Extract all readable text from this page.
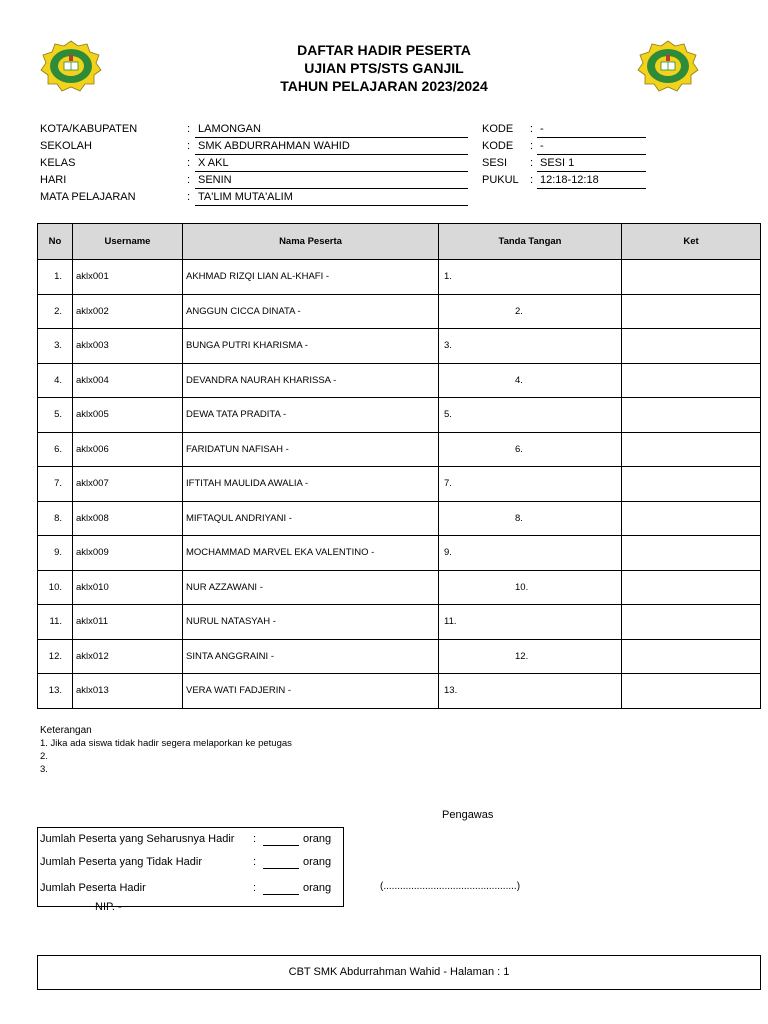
DAFTAR HADIR PESERTA
UJIAN PTS/STS GANJIL
TAHUN PELAJARAN 2023/2024
KOTA/KABUPATEN	: LAMONGAN
SEKOLAH	: SMK ABDURRAHMAN WAHID
KELAS	: X AKL
HARI	: SENIN
MATA PELAJARAN	: TA'LIM MUTA'ALIM
KODE : -
KODE : -
SESI : SESI 1
PUKUL : 12:18-12:18
No	Username	Nama Peserta	Tanda Tangan	Ket
1.	aklx001	AKHMAD RIZQI LIAN AL-KHAFI -	1.	
2.	aklx002	ANGGUN CICCA DINATA -	2.	
3.	aklx003	BUNGA PUTRI KHARISMA -	3.	
4.	aklx004	DEVANDRA NAURAH KHARISSA -	4.	
5.	aklx005	DEWA TATA PRADITA -	5.	
6.	aklx006	FARIDATUN NAFISAH -	6.	
7.	aklx007	IFTITAH MAULIDA AWALIA -	7.	
8.	aklx008	MIFTAQUL ANDRIYANI -	8.	
9.	aklx009	MOCHAMMAD MARVEL EKA VALENTINO -	9.	
10.	aklx010	NUR AZZAWANI -	10.	
11.	aklx011	NURUL NATASYAH -	11.	
12.	aklx012	SINTA ANGGRAINI -	12.	
13.	aklx013	VERA WATI FADJERIN -	13.	
Keterangan
1. Jika ada siswa tidak hadir segera melaporkan ke petugas
2.
3.
Pengawas
Jumlah Peserta yang Seharusnya Hadir :	orang
Jumlah Peserta yang Tidak Hadir	:	orang
Jumlah Peserta Hadir	:	orang
NIP. -
(................................................)
CBT SMK Abdurrahman Wahid - Halaman : 1
